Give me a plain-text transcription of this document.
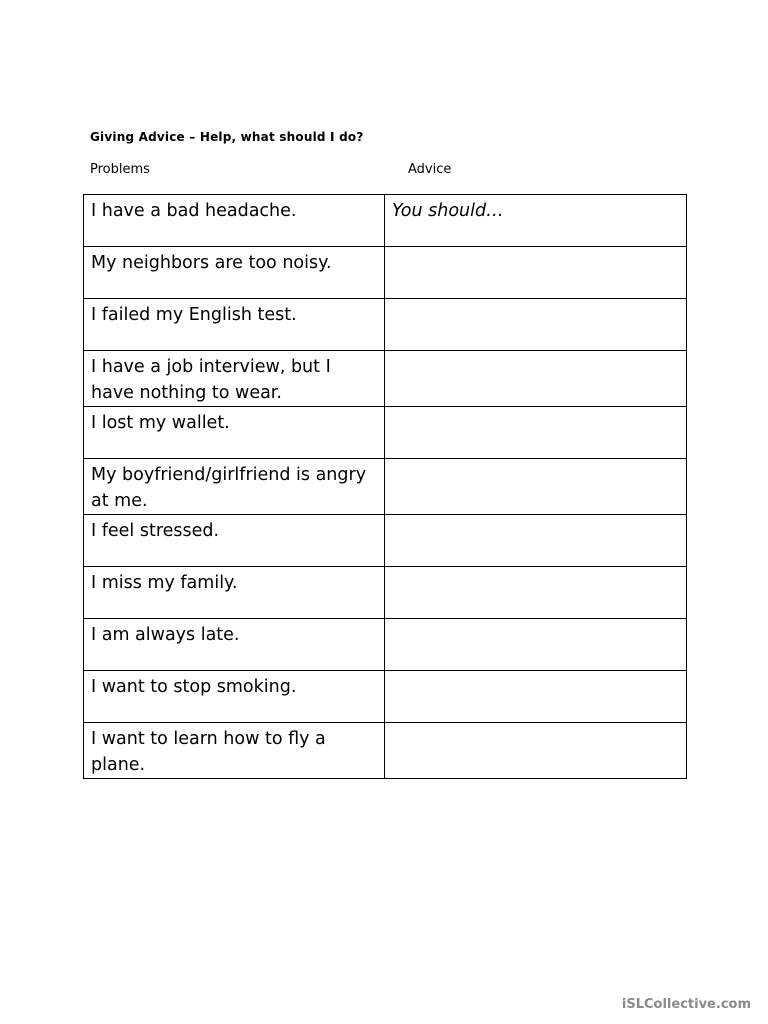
Giving Advice – Help, what should I do?
Problems	Advice
I have a bad headache.	You should…
My neighbors are too noisy.	
I failed my English test.	
I have a job interview, but I have nothing to wear.	
I lost my wallet.	
My boyfriend/girlfriend is angry at me.	
I feel stressed.	
I miss my family.	
I am always late.	
I want to stop smoking.	
I want to learn how to fly a plane.	
iSLCollective.com
